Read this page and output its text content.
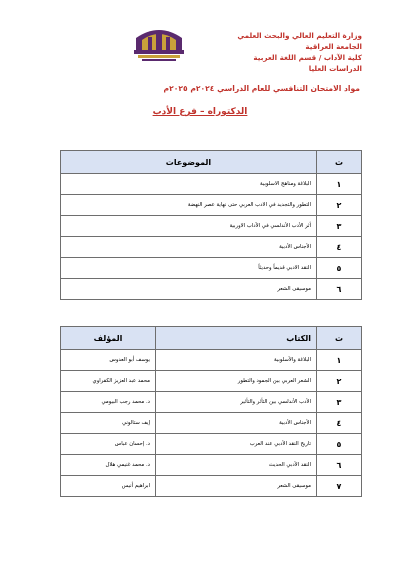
وزارة التعليم العالي والبحث العلمي
الجامعة العراقية
كلية الآداب / قسم اللغة العربية
الدراسات العليا
مواد الامتحان التنافسي للعام الدراسي ٢٠٢٤م ٢٠٢٥م
الدكتوراه – فرع الأدب
ت	الموضوعات
١	البلاغة ومناهج الاسلوبية
٢	التطور والتجديد في الادب العربي حتى نهاية عصر النهضة
٣	أثر الأدب الأندلسي في الآداب الاوربية
٤	الأجناس الأدبية
٥	النقد الادبي قديماً وحديثاً
٦	موسيقى الشعر
ت	الكتاب	المؤلف
١	البلاغة والأسلوبية	يوسف أبو العدوس
٢	الشعر العربي بين الجمود والتطور	محمد عبد العزيز الكفراوي
٣	الأدب الأندلسي بين التأثر والتأثير	د. محمد رجب البيومي
٤	الأجناس الأدبية	إيف ستالوني
٥	تاريخ النقد الأدبي عند العرب	د. إحسان عباس
٦	النقد الأدبي الحديث	د. محمد غنيمي هلال
٧	موسيقى الشعر	ابراهيم أنيس
